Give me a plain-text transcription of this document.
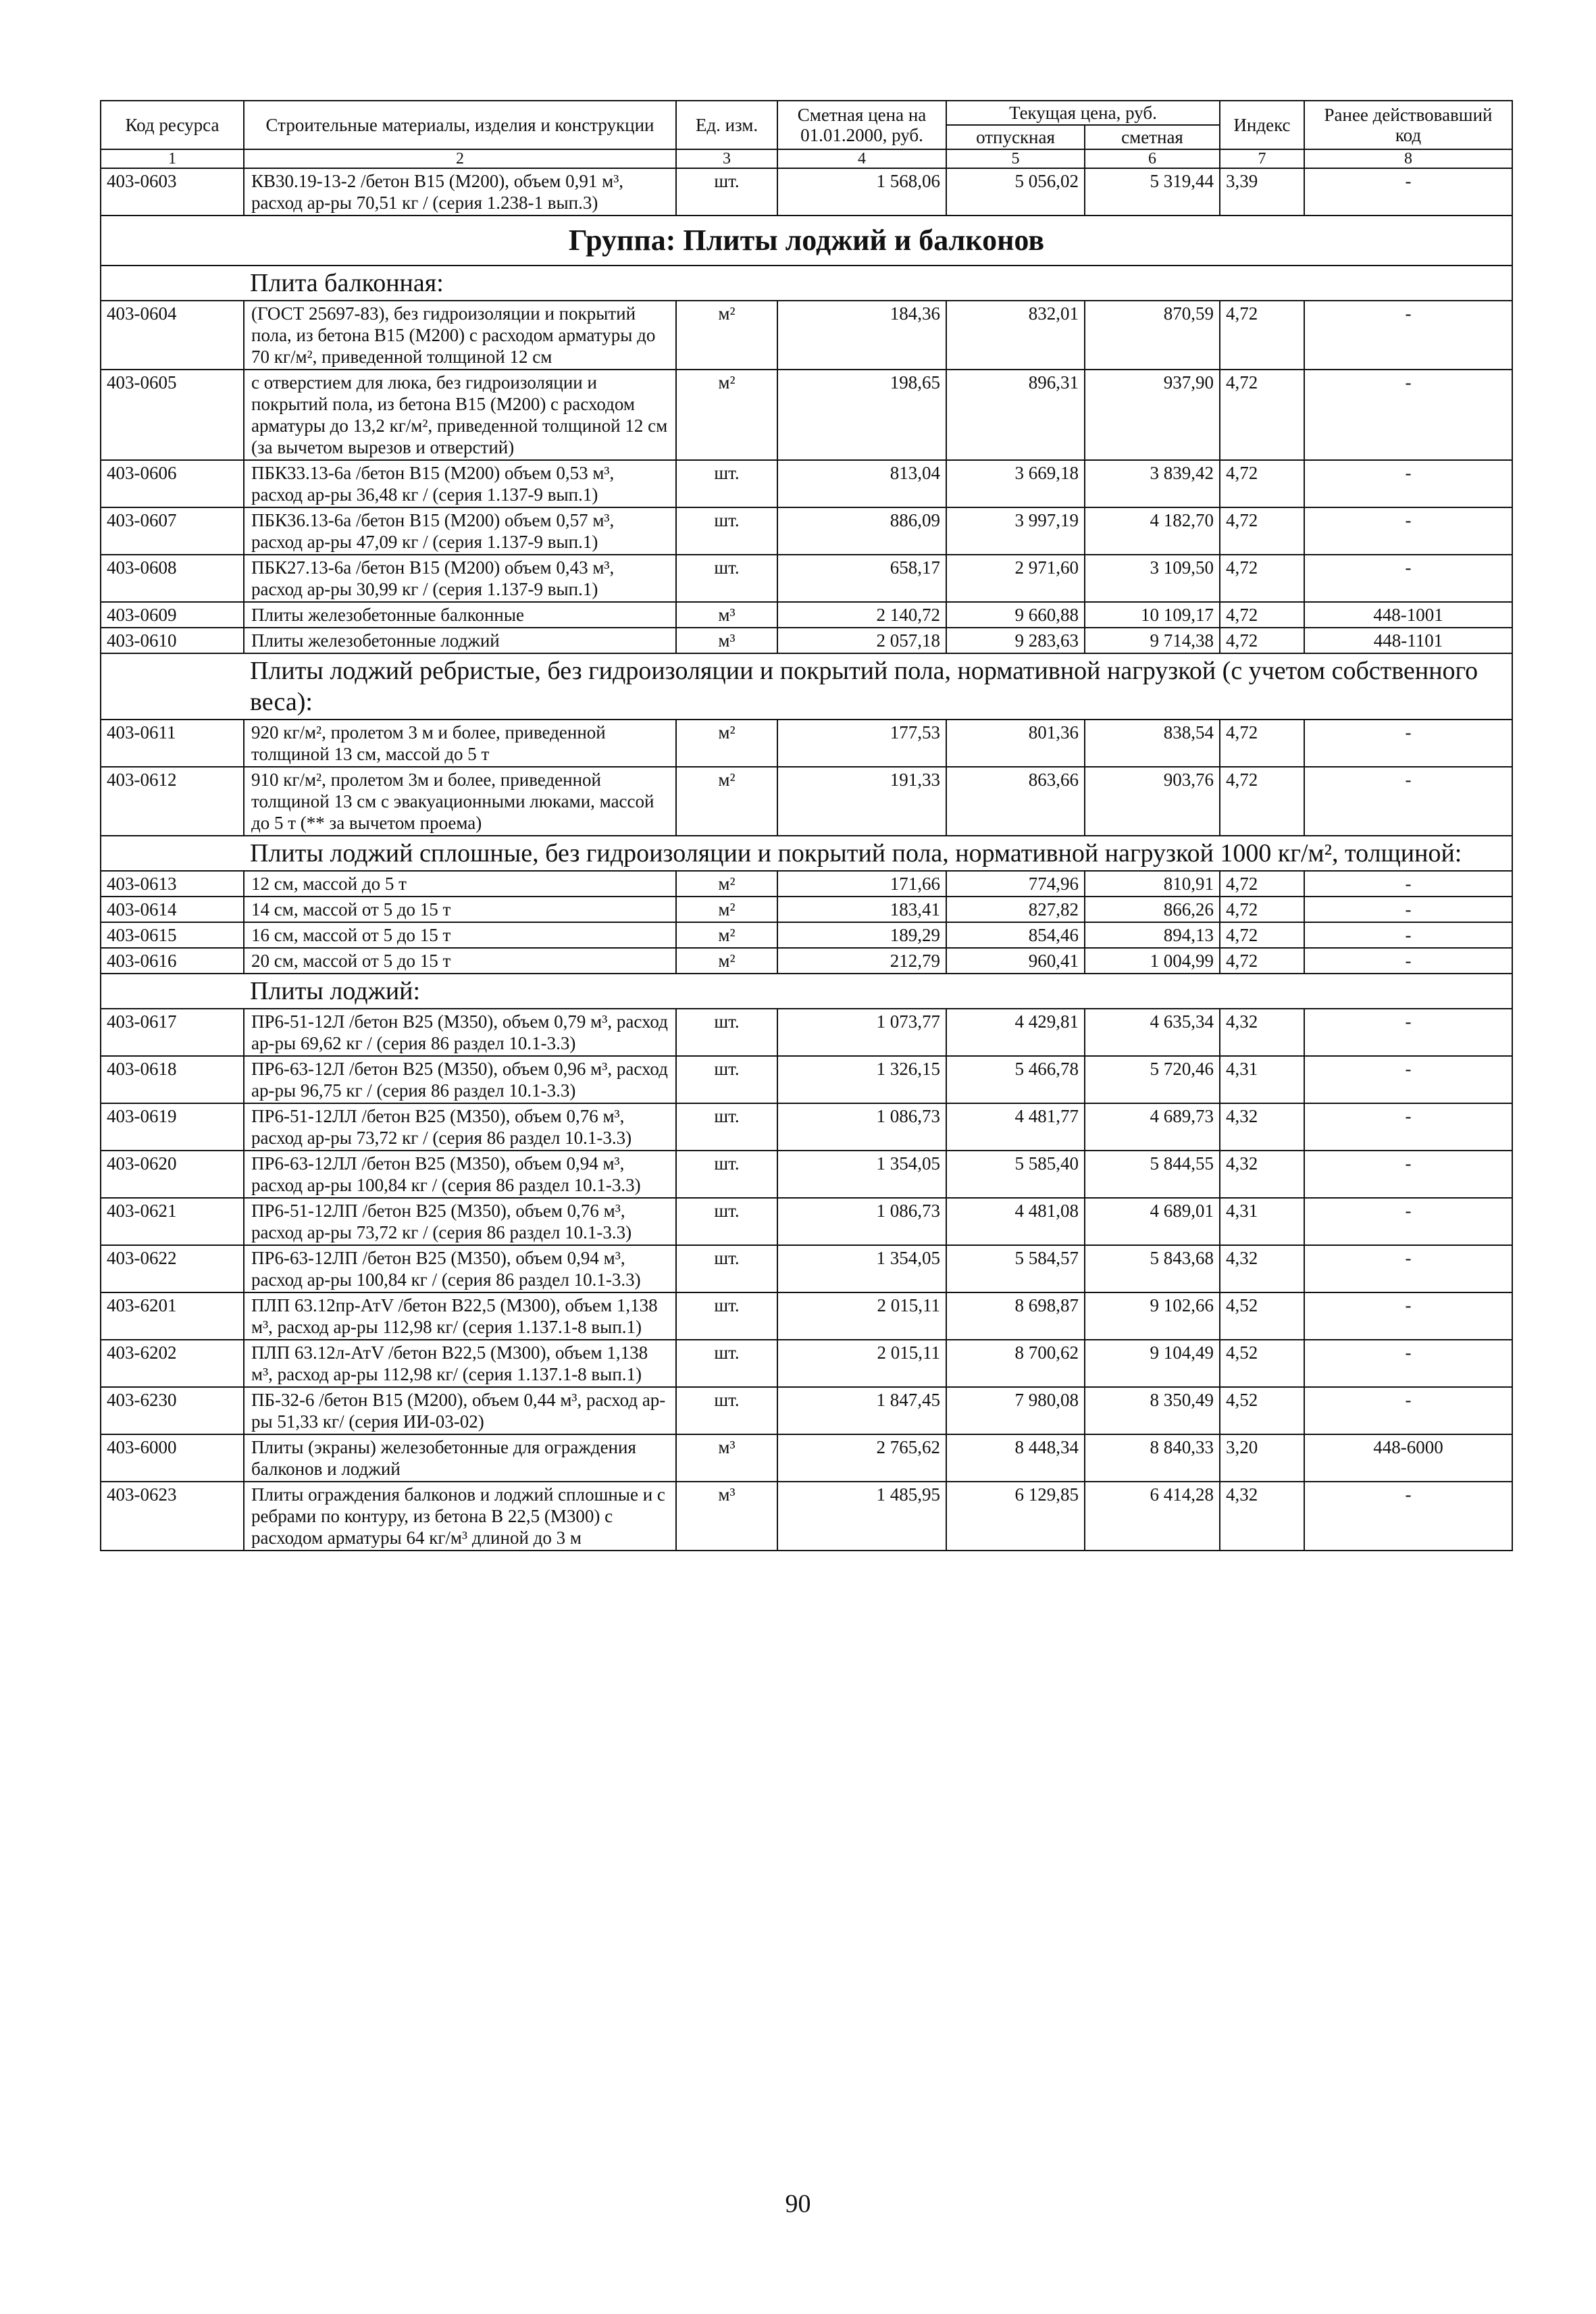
Код ресурса	Строительные материалы, изделия и конструкции	Ед. изм.	Сметная цена на 01.01.2000, руб.	Текущая цена, руб.		Индекс	Ранее действовавший код
				отпускная	сметная		
1	2	3	4	5	6	7	8
403-0603	КВ30.19-13-2 /бетон В15 (М200), объем 0,91 м³, расход ар-ры 70,51 кг / (серия 1.238-1 вып.3)	шт.	1 568,06	5 056,02	5 319,44	3,39	-
Группа: Плиты лоджий и балконов							
Плита балконная:							
403-0604	(ГОСТ 25697-83), без гидроизоляции и покрытий пола, из бетона В15 (М200) с расходом арматуры до 70 кг/м², приведенной толщиной 12 см	м²	184,36	832,01	870,59	4,72	-
403-0605	с отверстием для люка, без гидроизоляции и покрытий пола, из бетона В15 (М200) с расходом арматуры до 13,2 кг/м², приведенной толщиной 12 см (за вычетом вырезов и отверстий)	м²	198,65	896,31	937,90	4,72	-
403-0606	ПБК33.13-6а /бетон В15 (М200) объем 0,53 м³, расход ар-ры 36,48 кг / (серия 1.137-9 вып.1)	шт.	813,04	3 669,18	3 839,42	4,72	-
403-0607	ПБК36.13-6а /бетон В15 (М200) объем 0,57 м³, расход ар-ры 47,09 кг / (серия 1.137-9 вып.1)	шт.	886,09	3 997,19	4 182,70	4,72	-
403-0608	ПБК27.13-6а /бетон В15 (М200) объем 0,43 м³, расход ар-ры 30,99 кг / (серия 1.137-9 вып.1)	шт.	658,17	2 971,60	3 109,50	4,72	-
403-0609	Плиты железобетонные балконные	м³	2 140,72	9 660,88	10 109,17	4,72	448-1001
403-0610	Плиты железобетонные лоджий	м³	2 057,18	9 283,63	9 714,38	4,72	448-1101
Плиты лоджий ребристые, без гидроизоляции и покрытий пола, нормативной нагрузкой (с учетом собственного веса):							
403-0611	920 кг/м², пролетом 3 м и более, приведенной толщиной 13 см, массой до 5 т	м²	177,53	801,36	838,54	4,72	-
403-0612	910 кг/м², пролетом 3м и более, приведенной толщиной 13 см с эвакуационными люками, массой до 5 т (** за вычетом проема)	м²	191,33	863,66	903,76	4,72	-
Плиты лоджий сплошные, без гидроизоляции и покрытий пола, нормативной нагрузкой 1000 кг/м², толщиной:							
403-0613	12 см, массой до 5 т	м²	171,66	774,96	810,91	4,72	-
403-0614	14 см, массой от 5 до 15 т	м²	183,41	827,82	866,26	4,72	-
403-0615	16 см, массой от 5 до 15 т	м²	189,29	854,46	894,13	4,72	-
403-0616	20 см, массой от 5 до 15 т	м²	212,79	960,41	1 004,99	4,72	-
Плиты лоджий:							
403-0617	ПР6-51-12Л /бетон В25 (М350), объем 0,79 м³, расход ар-ры 69,62 кг / (серия 86 раздел 10.1-3.3)	шт.	1 073,77	4 429,81	4 635,34	4,32	-
403-0618	ПР6-63-12Л /бетон В25 (М350), объем 0,96 м³, расход ар-ры 96,75 кг / (серия 86 раздел 10.1-3.3)	шт.	1 326,15	5 466,78	5 720,46	4,31	-
403-0619	ПР6-51-12ЛЛ /бетон В25 (М350), объем 0,76 м³, расход ар-ры 73,72 кг / (серия 86 раздел 10.1-3.3)	шт.	1 086,73	4 481,77	4 689,73	4,32	-
403-0620	ПР6-63-12ЛЛ /бетон В25 (М350), объем 0,94 м³, расход ар-ры 100,84 кг / (серия 86 раздел 10.1-3.3)	шт.	1 354,05	5 585,40	5 844,55	4,32	-
403-0621	ПР6-51-12ЛП /бетон В25 (М350), объем 0,76 м³, расход ар-ры 73,72 кг / (серия 86 раздел 10.1-3.3)	шт.	1 086,73	4 481,08	4 689,01	4,31	-
403-0622	ПР6-63-12ЛП /бетон В25 (М350), объем 0,94 м³, расход ар-ры 100,84 кг / (серия 86 раздел 10.1-3.3)	шт.	1 354,05	5 584,57	5 843,68	4,32	-
403-6201	ПЛП 63.12пр-АтV /бетон В22,5 (М300), объем 1,138 м³, расход ар-ры 112,98 кг/ (серия 1.137.1-8 вып.1)	шт.	2 015,11	8 698,87	9 102,66	4,52	-
403-6202	ПЛП 63.12л-АтV /бетон В22,5 (М300), объем 1,138 м³, расход ар-ры 112,98 кг/ (серия 1.137.1-8 вып.1)	шт.	2 015,11	8 700,62	9 104,49	4,52	-
403-6230	ПБ-32-6 /бетон В15 (М200), объем 0,44 м³, расход ар-ры 51,33 кг/ (серия ИИ-03-02)	шт.	1 847,45	7 980,08	8 350,49	4,52	-
403-6000	Плиты (экраны) железобетонные для ограждения балконов и лоджий	м³	2 765,62	8 448,34	8 840,33	3,20	448-6000
403-0623	Плиты ограждения балконов и лоджий сплошные и с ребрами по контуру, из бетона В 22,5 (М300) с расходом арматуры 64 кг/м³ длиной до 3 м	м³	1 485,95	6 129,85	6 414,28	4,32	-
90
